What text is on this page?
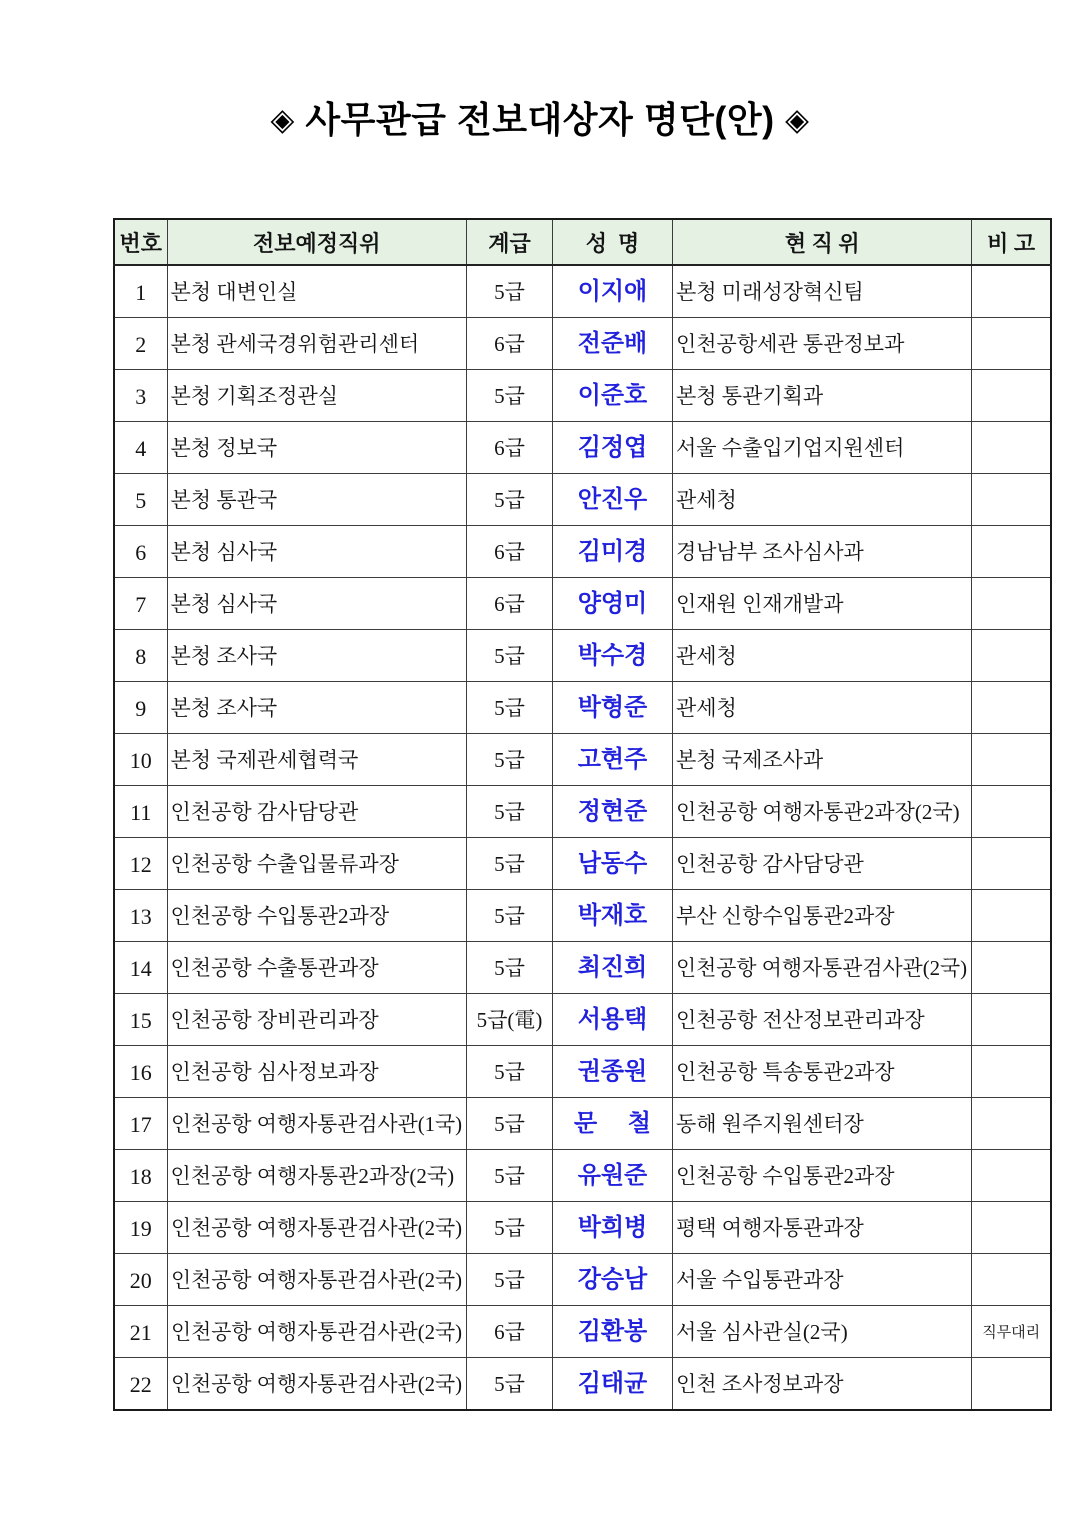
◈ 사무관급 전보대상자 명단(안) ◈
번호	전보예정직위	계급	성  명	현 직 위	비 고
1	본청 대변인실	5급	이지애	본청 미래성장혁신팀	
2	본청 관세국경위험관리센터	6급	전준배	인천공항세관 통관정보과	
3	본청 기획조정관실	5급	이준호	본청 통관기획과	
4	본청 정보국	6급	김정엽	서울 수출입기업지원센터	
5	본청 통관국	5급	안진우	관세청	
6	본청 심사국	6급	김미경	경남남부 조사심사과	
7	본청 심사국	6급	양영미	인재원 인재개발과	
8	본청 조사국	5급	박수경	관세청	
9	본청 조사국	5급	박형준	관세청	
10	본청 국제관세협력국	5급	고현주	본청 국제조사과	
11	인천공항 감사담당관	5급	정현준	인천공항 여행자통관2과장(2국)	
12	인천공항 수출입물류과장	5급	남동수	인천공항 감사담당관	
13	인천공항 수입통관2과장	5급	박재호	부산 신항수입통관2과장	
14	인천공항 수출통관과장	5급	최진희	인천공항 여행자통관검사관(2국)	
15	인천공항 장비관리과장	5급(電)	서용택	인천공항 전산정보관리과장	
16	인천공항 심사정보과장	5급	권종원	인천공항 특송통관2과장	
17	인천공항 여행자통관검사관(1국)	5급	문　 철	동해 원주지원센터장	
18	인천공항 여행자통관2과장(2국)	5급	유원준	인천공항 수입통관2과장	
19	인천공항 여행자통관검사관(2국)	5급	박희병	평택 여행자통관과장	
20	인천공항 여행자통관검사관(2국)	5급	강승남	서울 수입통관과장	
21	인천공항 여행자통관검사관(2국)	6급	김환봉	서울 심사관실(2국)	직무대리
22	인천공항 여행자통관검사관(2국)	5급	김태균	인천 조사정보과장	
